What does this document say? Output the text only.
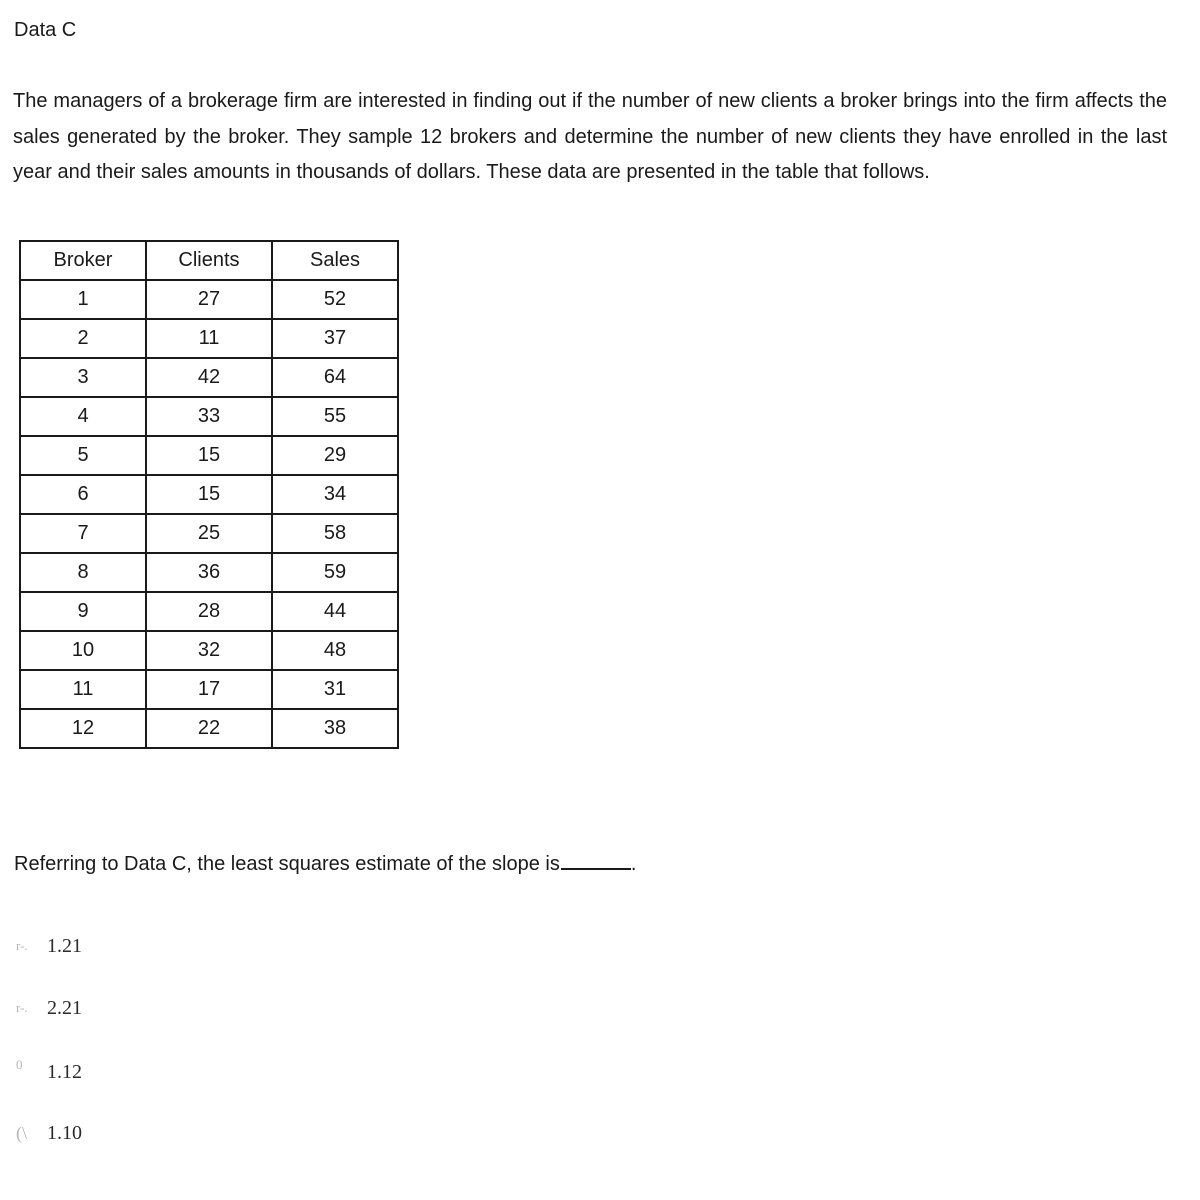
Data C

The managers of a brokerage firm are interested in finding out if the number of new clients a broker brings into the firm affects the sales generated by the broker. They sample 12 brokers and determine the number of new clients they have enrolled in the last year and their sales amounts in thousands of dollars. These data are presented in the table that follows.

Broker	Clients	Sales
1	27	52
2	11	37
3	42	64
4	33	55
5	15	29
6	15	34
7	25	58
8	36	59
9	28	44
10	32	48
11	17	31
12	22	38

Referring to Data C, the least squares estimate of the slope is	.

r-. 1.21
r-. 2.21
0	1.12
(\	1.10
